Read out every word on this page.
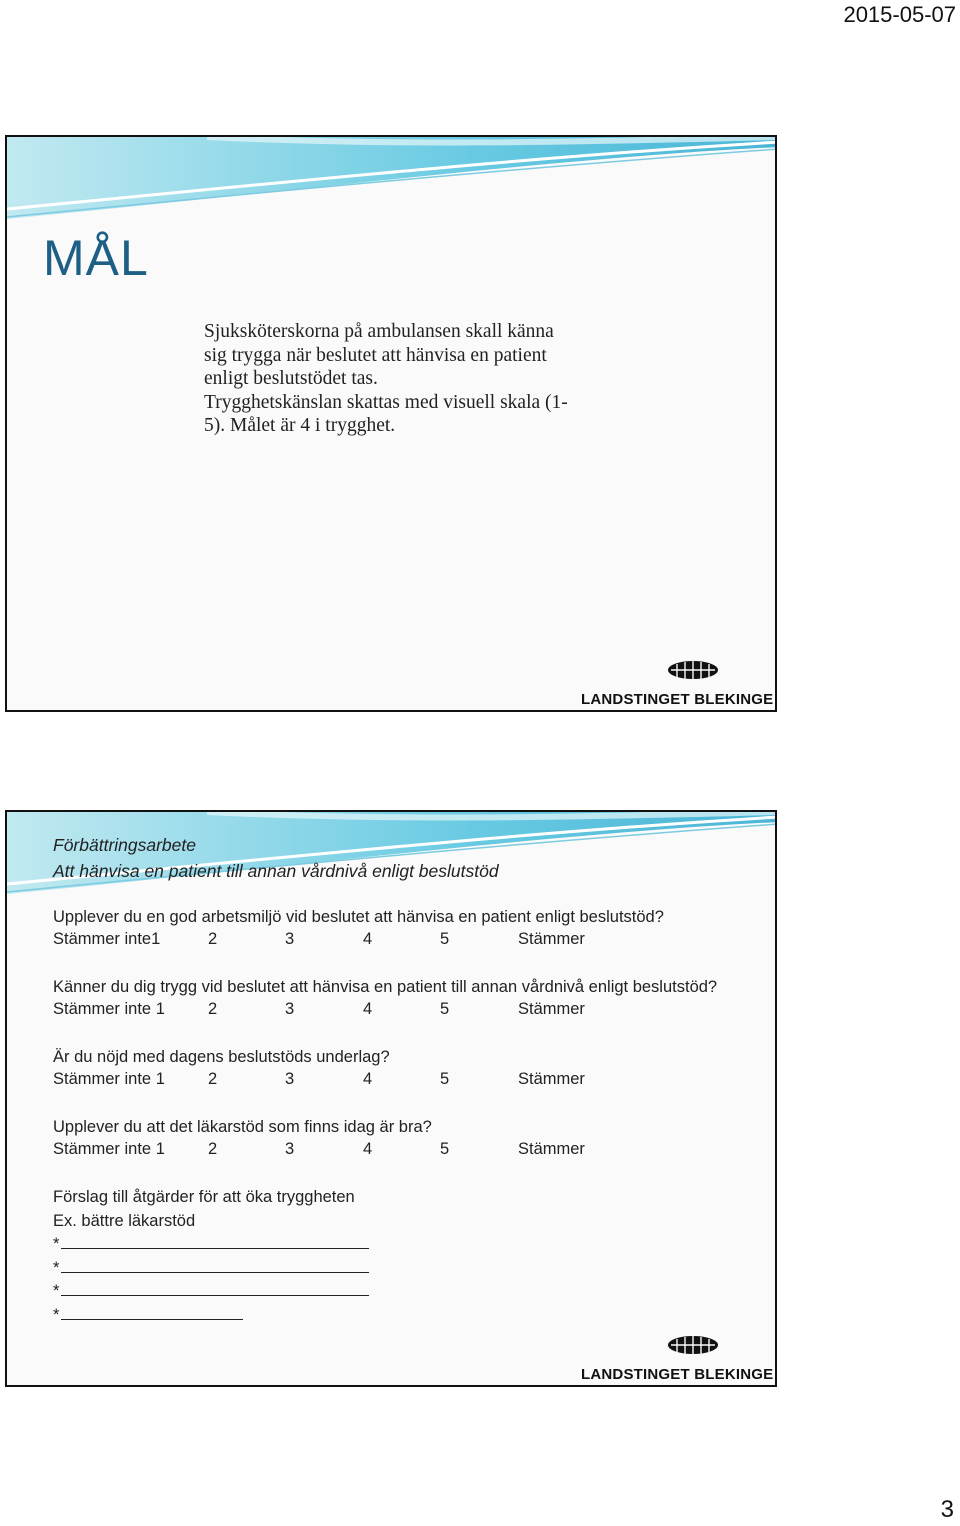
2015-05-07
MÅL
Sjuksköterskorna på ambulansen skall känna
sig trygga när beslutet att hänvisa en patient
enligt beslutstödet tas.
Trygghetskänslan skattas med visuell skala (1-
5). Målet är 4 i trygghet.
LANDSTINGET BLEKINGE
Förbättringsarbete
Att hänvisa en patient till annan vårdnivå enligt beslutstöd
Upplever du en god arbetsmiljö vid beslutet att hänvisa en patient enligt beslutstöd?
Stämmer inte1	2	3	4	5	Stämmer
Känner du dig trygg vid beslutet att hänvisa en patient till annan vårdnivå enligt beslutstöd?
Stämmer inte 1	2	3	4	5	Stämmer
Är du nöjd med dagens beslutstöds underlag?
Stämmer inte 1	2	3	4	5	Stämmer
Upplever du att det läkarstöd som finns idag är bra?
Stämmer inte 1	2	3	4	5	Stämmer
Förslag till åtgärder för att öka tryggheten
Ex. bättre läkarstöd
*
*
*
*
LANDSTINGET BLEKINGE
3
